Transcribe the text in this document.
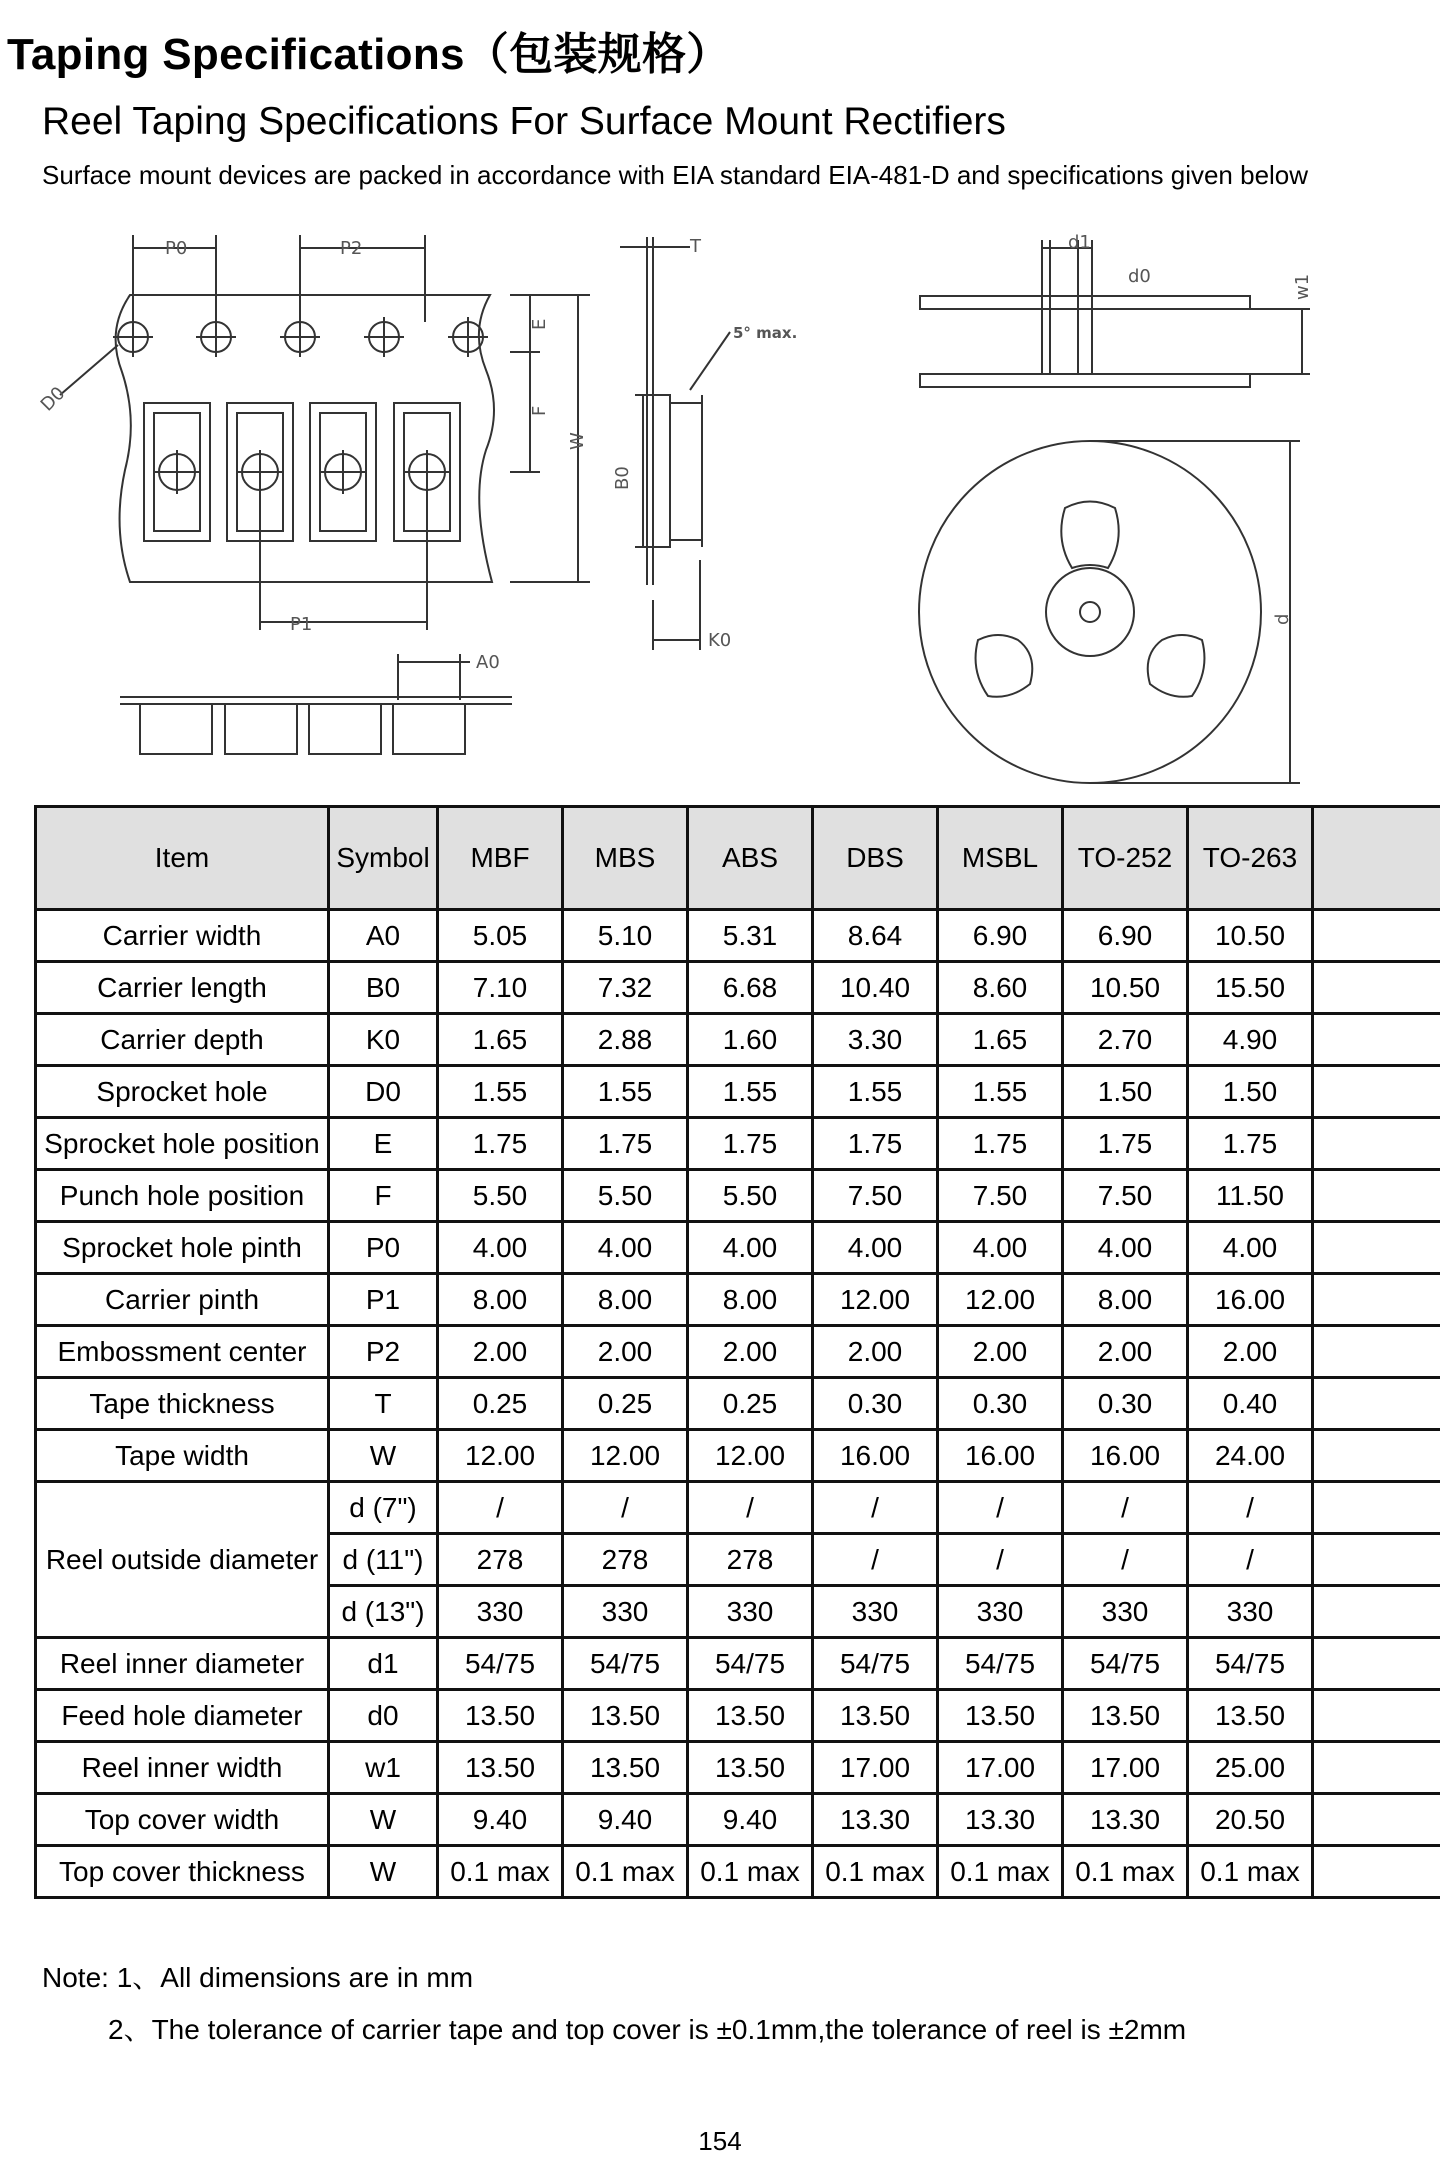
Taping Specifications（包装规格）
Reel Taping Specifications For Surface Mount Rectifiers
Surface mount devices are packed in accordance with EIA standard EIA-481-D and specifications given below
P0	P2
D0
E
F
W
P1
A0
T
5° max.
B0
K0
d1
d0	w1
d
Item	Symbol	MBF	MBS	ABS	DBS	MSBL	TO-252	TO-263	
Carrier width	A0	5.05	5.10	5.31	8.64	6.90	6.90	10.50	
Carrier length	B0	7.10	7.32	6.68	10.40	8.60	10.50	15.50	
Carrier depth	K0	1.65	2.88	1.60	3.30	1.65	2.70	4.90	
Sprocket hole	D0	1.55	1.55	1.55	1.55	1.55	1.50	1.50	
Sprocket hole position	E	1.75	1.75	1.75	1.75	1.75	1.75	1.75	
Punch hole position	F	5.50	5.50	5.50	7.50	7.50	7.50	11.50	
Sprocket hole pinth	P0	4.00	4.00	4.00	4.00	4.00	4.00	4.00	
Carrier pinth	P1	8.00	8.00	8.00	12.00	12.00	8.00	16.00	
Embossment center	P2	2.00	2.00	2.00	2.00	2.00	2.00	2.00	
Tape thickness	T	0.25	0.25	0.25	0.30	0.30	0.30	0.40	
Tape width	W	12.00	12.00	12.00	16.00	16.00	16.00	24.00	
Reel outside diameter	d (7")	/	/	/	/	/	/	/	
	d (11")	278	278	278	/	/	/	/	
	d (13")	330	330	330	330	330	330	330	
Reel inner diameter	d1	54/75	54/75	54/75	54/75	54/75	54/75	54/75	
Feed hole diameter	d0	13.50	13.50	13.50	13.50	13.50	13.50	13.50	
Reel inner width	w1	13.50	13.50	13.50	17.00	17.00	17.00	25.00	
Top cover width	W	9.40	9.40	9.40	13.30	13.30	13.30	20.50	
Top cover thickness	W	0.1 max	0.1 max	0.1 max	0.1 max	0.1 max	0.1 max	0.1 max	
Note: 1、All dimensions are in mm
2、The tolerance of carrier tape and top cover is ±0.1mm,the tolerance of reel is ±2mm
154
